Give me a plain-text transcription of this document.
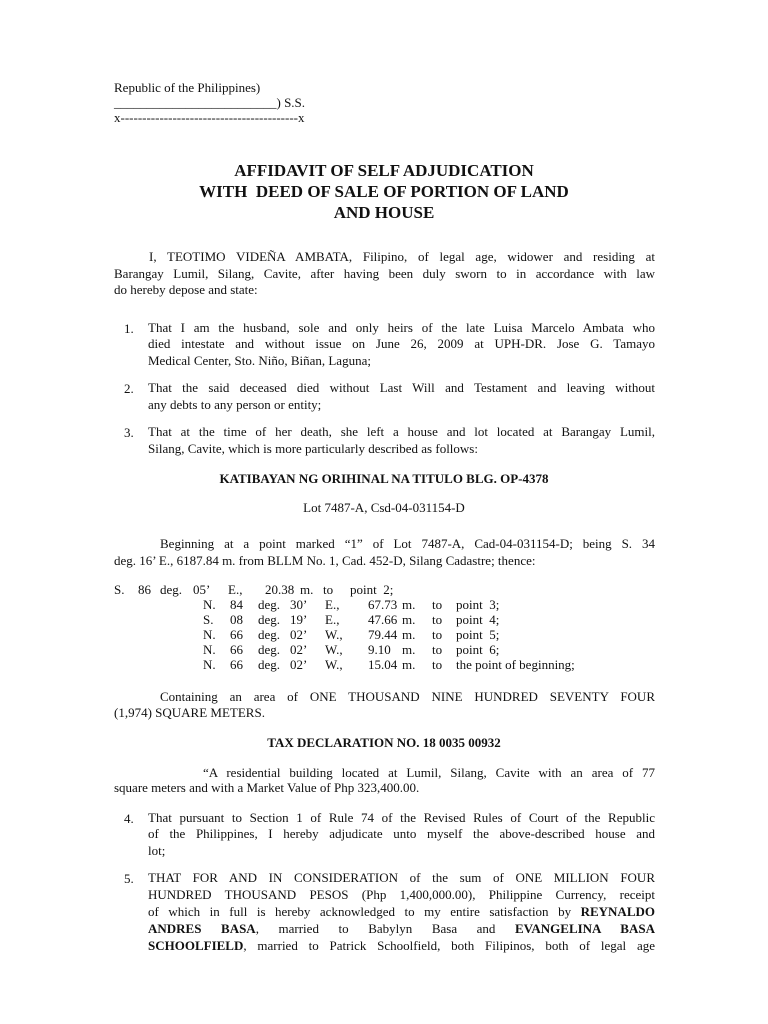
Republic of the Philippines)
_________________________) S.S.
x-----------------------------------------x
AFFIDAVIT OF SELF ADJUDICATION
WITH  DEED OF SALE OF PORTION OF LAND
AND HOUSE
I, TEOTIMO VIDEÑA AMBATA, Filipino, of legal age, widower and residing at
Barangay Lumil, Silang, Cavite, after having been duly sworn to in accordance with law
do hereby depose and state:
1. That I am the husband, sole and only heirs of the late Luisa Marcelo Ambata who
died intestate and without issue on June 26, 2009 at UPH-DR. Jose G. Tamayo
Medical Center, Sto. Niño, Biñan, Laguna;
2. That the said deceased died without Last Will and Testament and leaving without
any debts to any person or entity;
3. That at the time of her death, she left a house and lot located at Barangay Lumil,
Silang, Cavite, which is more particularly described as follows:
KATIBAYAN NG ORIHINAL NA TITULO BLG. OP-4378
Lot 7487-A, Csd-04-031154-D
Beginning at a point marked “1” of Lot 7487-A, Cad-04-031154-D; being S. 34
deg. 16’ E., 6187.84 m. from BLLM No. 1, Cad. 452-D, Silang Cadastre; thence:
S. 86 deg. 05’ E., 20.38 m. to point  2;
N. 84 deg. 30’ E., 67.73 m. to point  3;
S. 08 deg. 19’ E., 47.66 m. to point  4;
N. 66 deg. 02’ W., 79.44 m. to point  5;
N. 66 deg. 02’ W., 9.10 m. to point  6;
N. 66 deg. 02’ W., 15.04 m. to the point of beginning;
Containing an area of ONE THOUSAND NINE HUNDRED SEVENTY FOUR
(1,974) SQUARE METERS.
TAX DECLARATION NO. 18 0035 00932
“A residential building located at Lumil, Silang, Cavite with an area of 77
square meters and with a Market Value of Php 323,400.00.
4. That pursuant to Section 1 of Rule 74 of the Revised Rules of Court of the Republic
of the Philippines, I hereby adjudicate unto myself the above-described house and
lot;
5. THAT FOR AND IN CONSIDERATION of the sum of ONE MILLION FOUR
HUNDRED THOUSAND PESOS (Php 1,400,000.00), Philippine Currency, receipt
of which in full is hereby acknowledged to my entire satisfaction by REYNALDO
ANDRES BASA, married to Babylyn Basa and EVANGELINA BASA
SCHOOLFIELD, married to Patrick Schoolfield, both Filipinos, both of legal age
